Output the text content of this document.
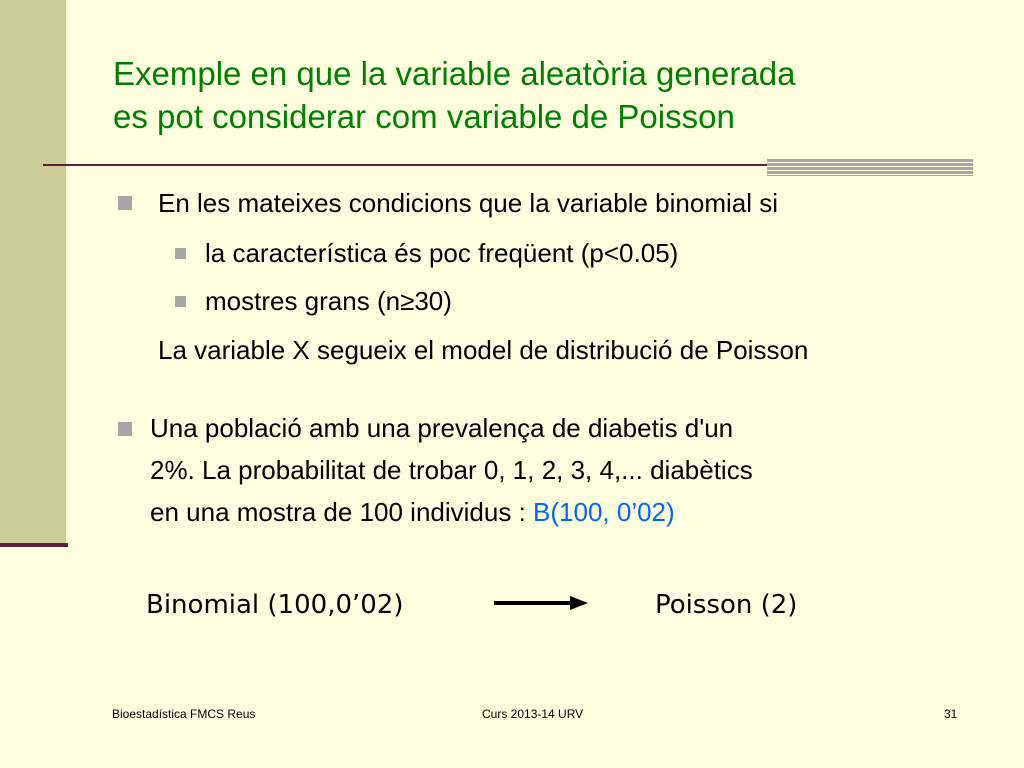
Exemple en que la variable aleatòria generada
es pot considerar com variable de Poisson
En les mateixes condicions que la variable binomial si
la característica és poc freqüent (p<0.05)
mostres grans (n≥30)
La variable X segueix el model de distribució de Poisson
Una població amb una prevalença de diabetis d'un
2%. La probabilitat de trobar 0, 1, 2, 3, 4,... diabètics
en una mostra de 100 individus : B(100, 0’02)
Binomial (100,0’02)	Poisson (2)
Bioestadística FMCS Reus	Curs 2013-14 URV	31
